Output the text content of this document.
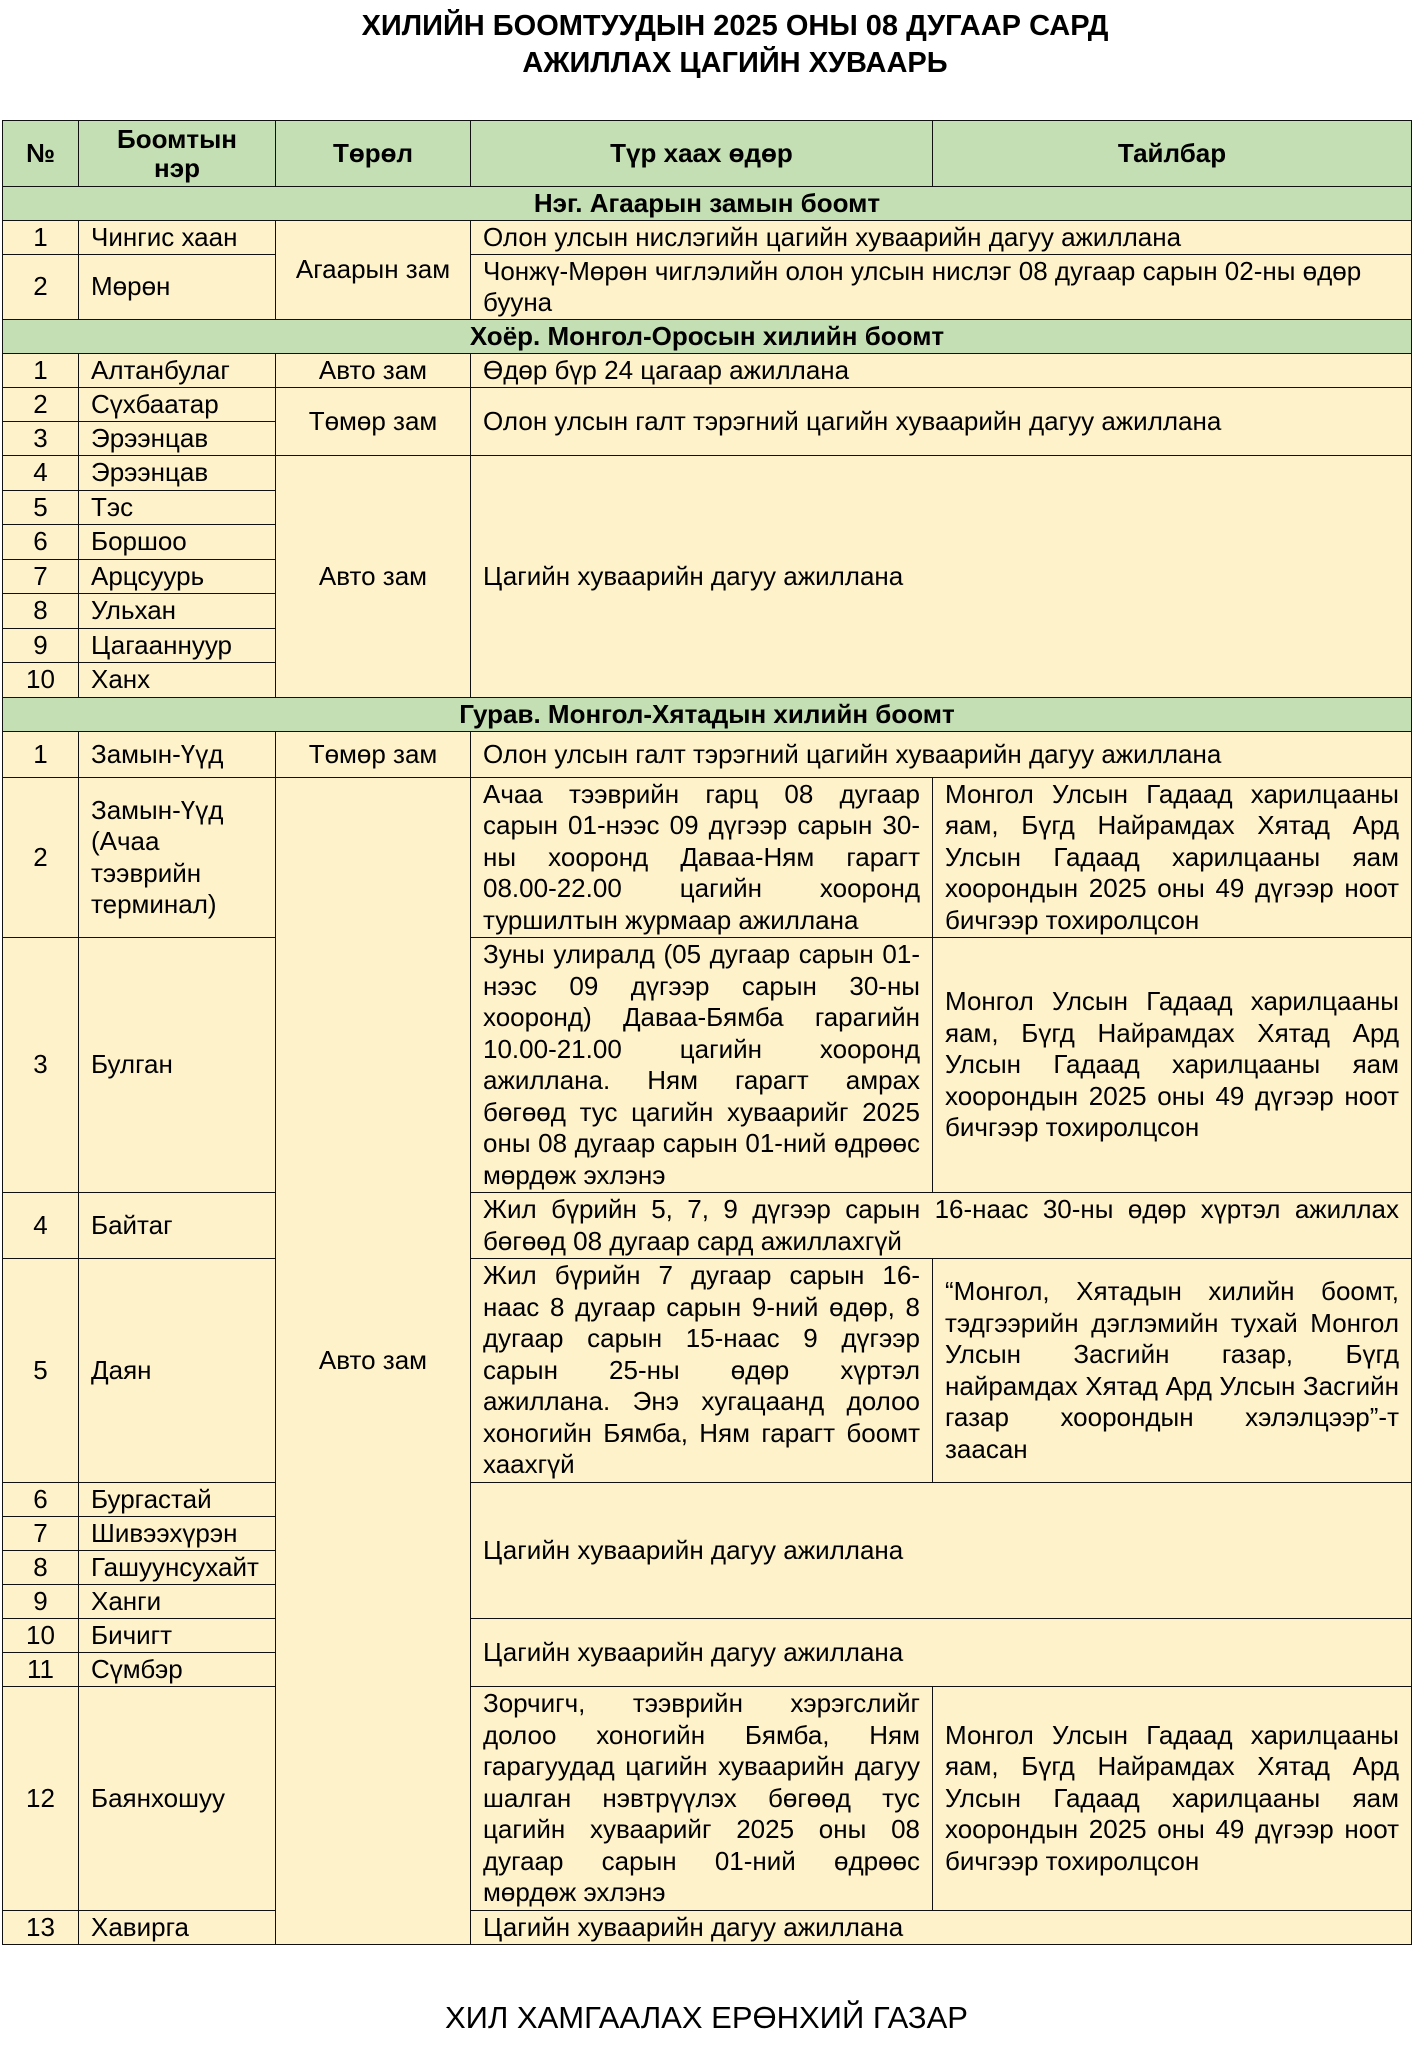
ХИЛИЙН БООМТУУДЫН 2025 ОНЫ 08 ДУГААР САРД
АЖИЛЛАХ ЦАГИЙН ХУВААРЬ
№	Боомтын нэр	Төрөл	Түр хаах өдөр	Тайлбар
Нэг. Агаарын замын боомт				
1	Чингис хаан	Агаарын зам	Олон улсын нислэгийн цагийн хуваарийн дагуу ажиллана	
2	Мөрөн		Чонжү-Мөрөн чиглэлийн олон улсын нислэг 08 дугаар сарын 02-ны өдөр бууна	
Хоёр. Монгол-Оросын хилийн боомт				
1	Алтанбулаг	Авто зам	Өдөр бүр 24 цагаар ажиллана	
2	Сүхбаатар	Төмөр зам	Олон улсын галт тэрэгний цагийн хуваарийн дагуу ажиллана	
3	Эрээнцав			
4	Эрээнцав	Авто зам	Цагийн хуваарийн дагуу ажиллана	
5	Тэс			
6	Боршоо			
7	Арцсуурь			
8	Ульхан			
9	Цагааннуур			
10	Ханх			
Гурав. Монгол-Хятадын хилийн боомт				
1	Замын-Үүд	Төмөр зам	Олон улсын галт тэрэгний цагийн хуваарийн дагуу ажиллана	
2	Замын-Үүд (Ачаа тээврийн терминал)	Авто зам	Ачаа тээврийн гарц 08 дугаар сарын 01-нээс 09 дүгээр сарын 30-ны хооронд Даваа-Ням гарагт 08.00-22.00 цагийн хооронд туршилтын журмаар ажиллана	Монгол Улсын Гадаад харилцааны яам, Бүгд Найрамдах Хятад Ард Улсын Гадаад харилцааны яам хоорондын 2025 оны 49 дүгээр ноот бичгээр тохиролцсон
3	Булган		Зуны улиралд (05 дугаар сарын 01-нээс 09 дүгээр сарын 30-ны хооронд) Даваа-Бямба гарагийн 10.00-21.00 цагийн хооронд ажиллана. Ням гарагт амрах бөгөөд тус цагийн хуваарийг 2025 оны 08 дугаар сарын 01-ний өдрөөс мөрдөж эхлэнэ	Монгол Улсын Гадаад харилцааны яам, Бүгд Найрамдах Хятад Ард Улсын Гадаад харилцааны яам хоорондын 2025 оны 49 дүгээр ноот бичгээр тохиролцсон
4	Байтаг		Жил бүрийн 5, 7, 9 дүгээр сарын 16-наас 30-ны өдөр хүртэл ажиллах бөгөөд 08 дугаар сард ажиллахгүй	
5	Даян		Жил бүрийн 7 дугаар сарын 16-наас 8 дугаар сарын 9-ний өдөр, 8 дугаар сарын 15-наас 9 дүгээр сарын 25-ны өдөр хүртэл ажиллана. Энэ хугацаанд долоо хоногийн Бямба, Ням гарагт боомт хаахгүй	“Монгол, Хятадын хилийн боомт, тэдгээрийн дэглэмийн тухай Монгол Улсын Засгийн газар, Бүгд найрамдах Хятад Ард Улсын Засгийн газар хоорондын хэлэлцээр”-т заасан
6	Бургастай		Цагийн хуваарийн дагуу ажиллана	
7	Шивээхүрэн			
8	Гашуунсухайт			
9	Ханги			
10	Бичигт		Цагийн хуваарийн дагуу ажиллана	
11	Сүмбэр			
12	Баянхошуу		Зорчигч, тээврийн хэрэгслийг долоо хоногийн Бямба, Ням гарагуудад цагийн хуваарийн дагуу шалган нэвтрүүлэх бөгөөд тус цагийн хуваарийг 2025 оны 08 дугаар сарын 01-ний өдрөөс мөрдөж эхлэнэ	Монгол Улсын Гадаад харилцааны яам, Бүгд Найрамдах Хятад Ард Улсын Гадаад харилцааны яам хоорондын 2025 оны 49 дүгээр ноот бичгээр тохиролцсон
13	Хавирга		Цагийн хуваарийн дагуу ажиллана	
ХИЛ ХАМГААЛАХ ЕРӨНХИЙ ГАЗАР
